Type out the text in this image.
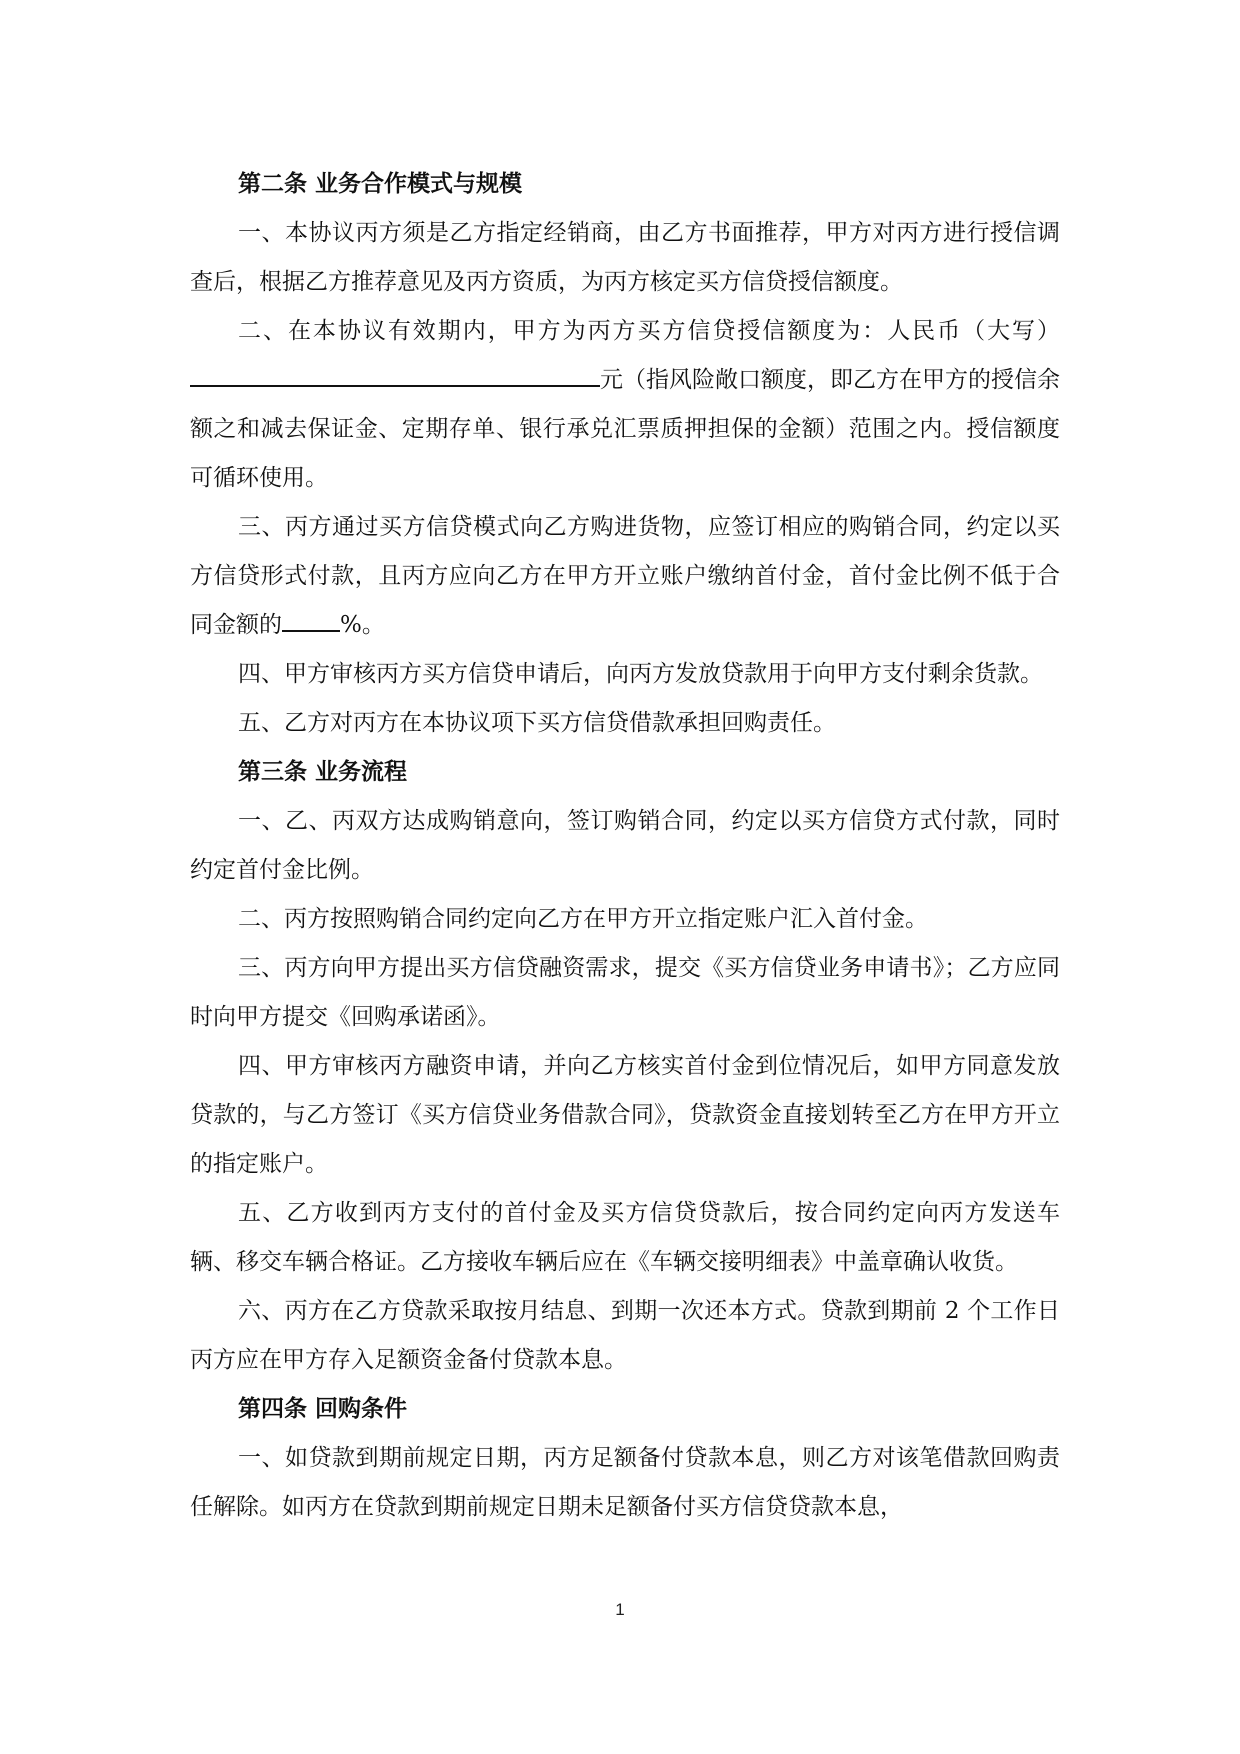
第二条 业务合作模式与规模

一、本协议丙方须是乙方指定经销商，由乙方书面推荐，甲方对丙方进行授信调查后，根据乙方推荐意见及丙方资质，为丙方核定买方信贷授信额度。

二、在本协议有效期内，甲方为丙方买方信贷授信额度为：人民币（大写）元（指风险敞口额度，即乙方在甲方的授信余额之和减去保证金、定期存单、银行承兑汇票质押担保的金额）范围之内。授信额度可循环使用。

三、丙方通过买方信贷模式向乙方购进货物，应签订相应的购销合同，约定以买方信贷形式付款，且丙方应向乙方在甲方开立账户缴纳首付金，首付金比例不低于合同金额的	%。

四、甲方审核丙方买方信贷申请后，向丙方发放贷款用于向甲方支付剩余货款。

五、乙方对丙方在本协议项下买方信贷借款承担回购责任。

第三条 业务流程

一、乙、丙双方达成购销意向，签订购销合同，约定以买方信贷方式付款，同时约定首付金比例。

二、丙方按照购销合同约定向乙方在甲方开立指定账户汇入首付金。

三、丙方向甲方提出买方信贷融资需求，提交《买方信贷业务申请书》；乙方应同时向甲方提交《回购承诺函》。

四、甲方审核丙方融资申请，并向乙方核实首付金到位情况后，如甲方同意发放贷款的，与乙方签订《买方信贷业务借款合同》，贷款资金直接划转至乙方在甲方开立的指定账户。

五、乙方收到丙方支付的首付金及买方信贷贷款后，按合同约定向丙方发送车辆、移交车辆合格证。乙方接收车辆后应在《车辆交接明细表》中盖章确认收货。

六、丙方在乙方贷款采取按月结息、到期一次还本方式。贷款到期前 2 个工作日丙方应在甲方存入足额资金备付贷款本息。

第四条 回购条件

一、如贷款到期前规定日期，丙方足额备付贷款本息，则乙方对该笔借款回购责任解除。如丙方在贷款到期前规定日期未足额备付买方信贷贷款本息，

1
